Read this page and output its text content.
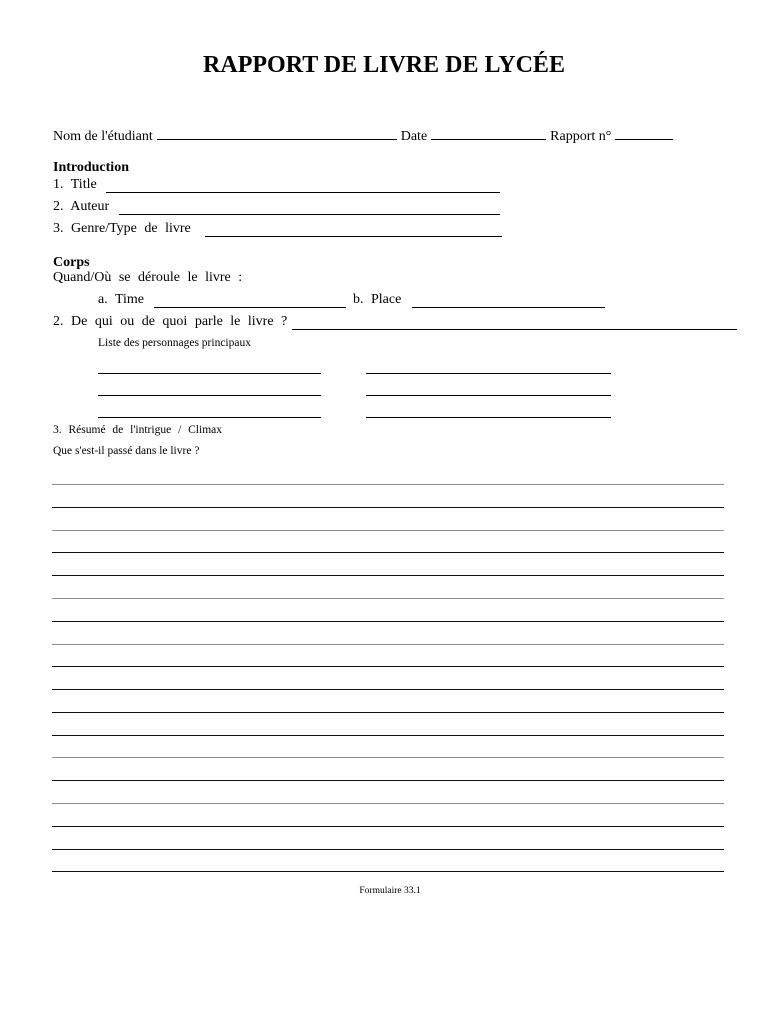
RAPPORT DE LIVRE DE LYCÉE
Nom de l'étudiant	Date	Rapport n°
Introduction
1. Title
2. Auteur
3. Genre/Type de livre
Corps
Quand/Où se déroule le livre :
a. Time	b. Place
2. De qui ou de quoi parle le livre ?
Liste des personnages principaux
3. Résumé de l'intrigue / Climax
Que s'est-il passé dans le livre ?
Formulaire 33.1
